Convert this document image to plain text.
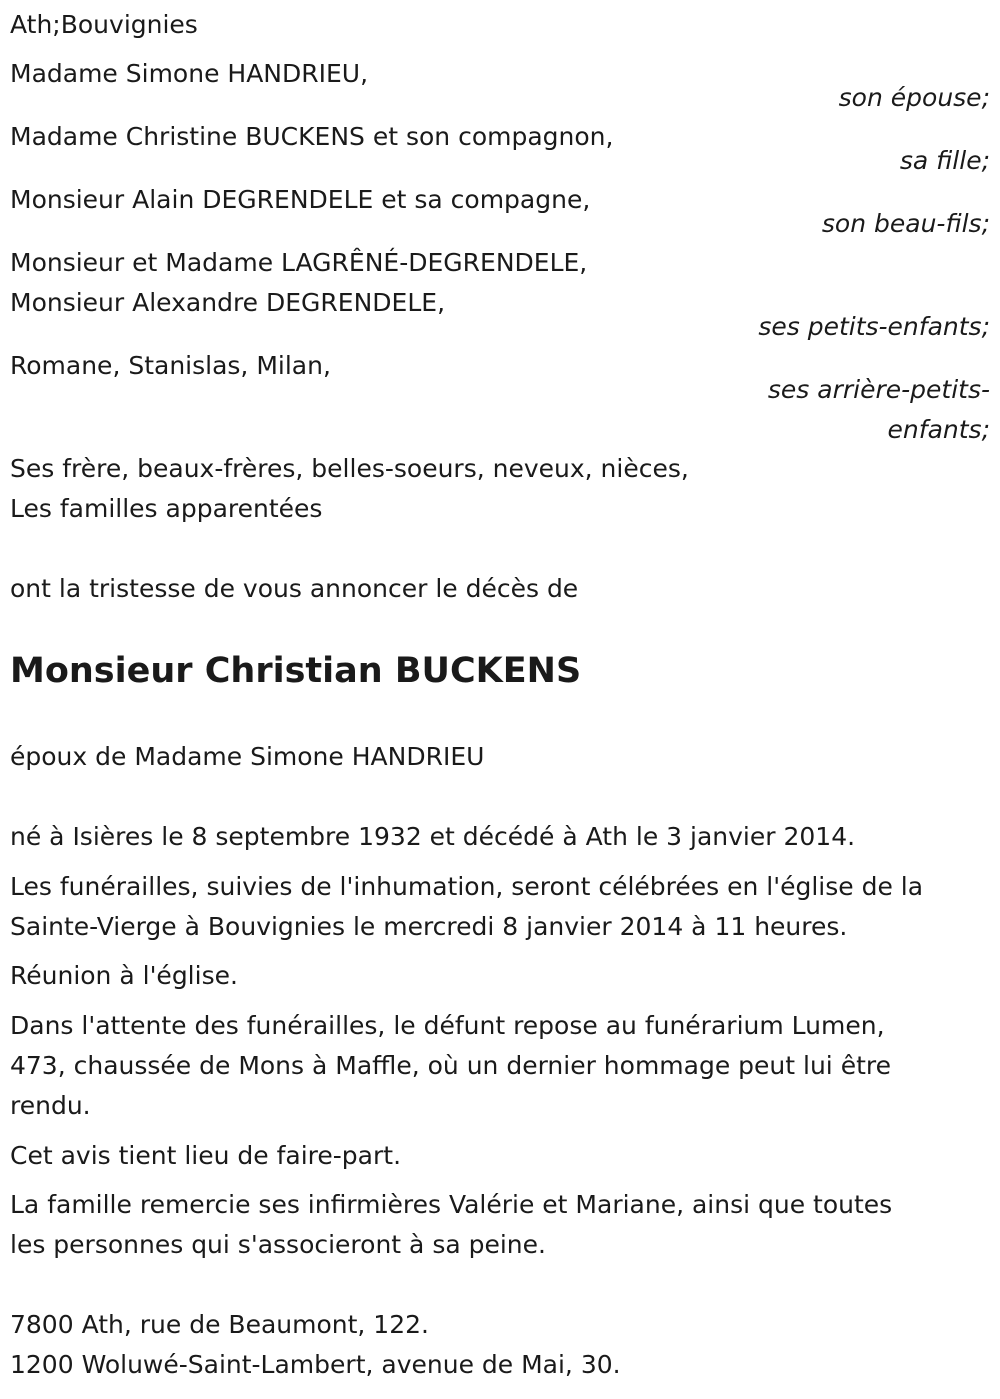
Ath;Bouvignies
Madame Simone HANDRIEU,
son épouse;
Madame Christine BUCKENS et son compagnon,
sa fille;
Monsieur Alain DEGRENDELE et sa compagne,
son beau-fils;
Monsieur et Madame LAGRÊNÉ-DEGRENDELE,
Monsieur Alexandre DEGRENDELE,
ses petits-enfants;
Romane, Stanislas, Milan,
ses arrière-petits-
enfants;
Ses frère, beaux-frères, belles-soeurs, neveux, nièces,
Les familles apparentées
ont la tristesse de vous annoncer le décès de
Monsieur Christian BUCKENS
époux de Madame Simone HANDRIEU
né à Isières le 8 septembre 1932 et décédé à Ath le 3 janvier 2014.
Les funérailles, suivies de l'inhumation, seront célébrées en l'église de la
Sainte-Vierge à Bouvignies le mercredi 8 janvier 2014 à 11 heures.
Réunion à l'église.
Dans l'attente des funérailles, le défunt repose au funérarium Lumen,
473, chaussée de Mons à Maffle, où un dernier hommage peut lui être
rendu.
Cet avis tient lieu de faire-part.
La famille remercie ses infirmières Valérie et Mariane, ainsi que toutes
les personnes qui s'associeront à sa peine.
7800 Ath, rue de Beaumont, 122.
1200 Woluwé-Saint-Lambert, avenue de Mai, 30.
